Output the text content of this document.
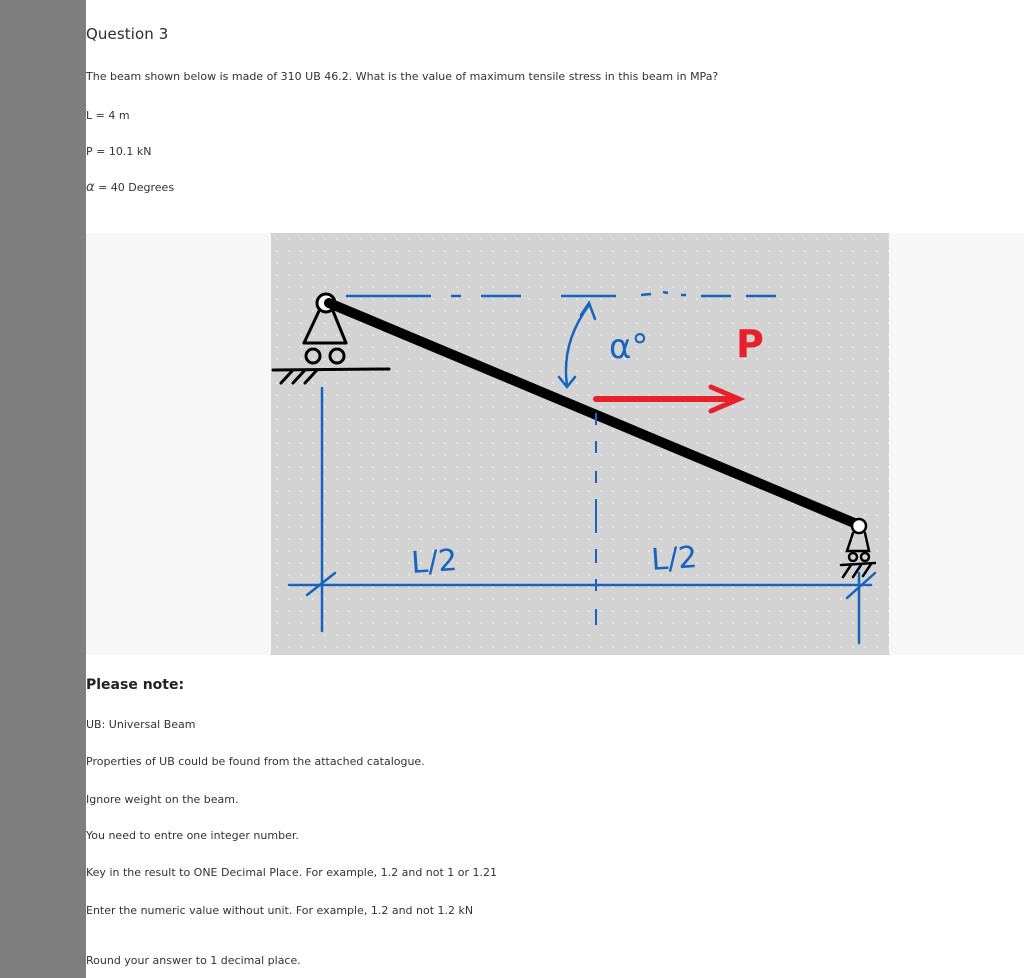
Question 3
The beam shown below is made of 310 UB 46.2. What is the value of maximum tensile stress in this beam in MPa?
L = 4 m
P = 10.1 kN
α = 40 Degrees
α° P
L/2	L/2
Please note:
UB: Universal Beam
Properties of UB could be found from the attached catalogue.
Ignore weight on the beam.
You need to entre one integer number.
Key in the result to ONE Decimal Place. For example, 1.2 and not 1 or 1.21
Enter the numeric value without unit. For example, 1.2 and not 1.2 kN
Round your answer to 1 decimal place.
